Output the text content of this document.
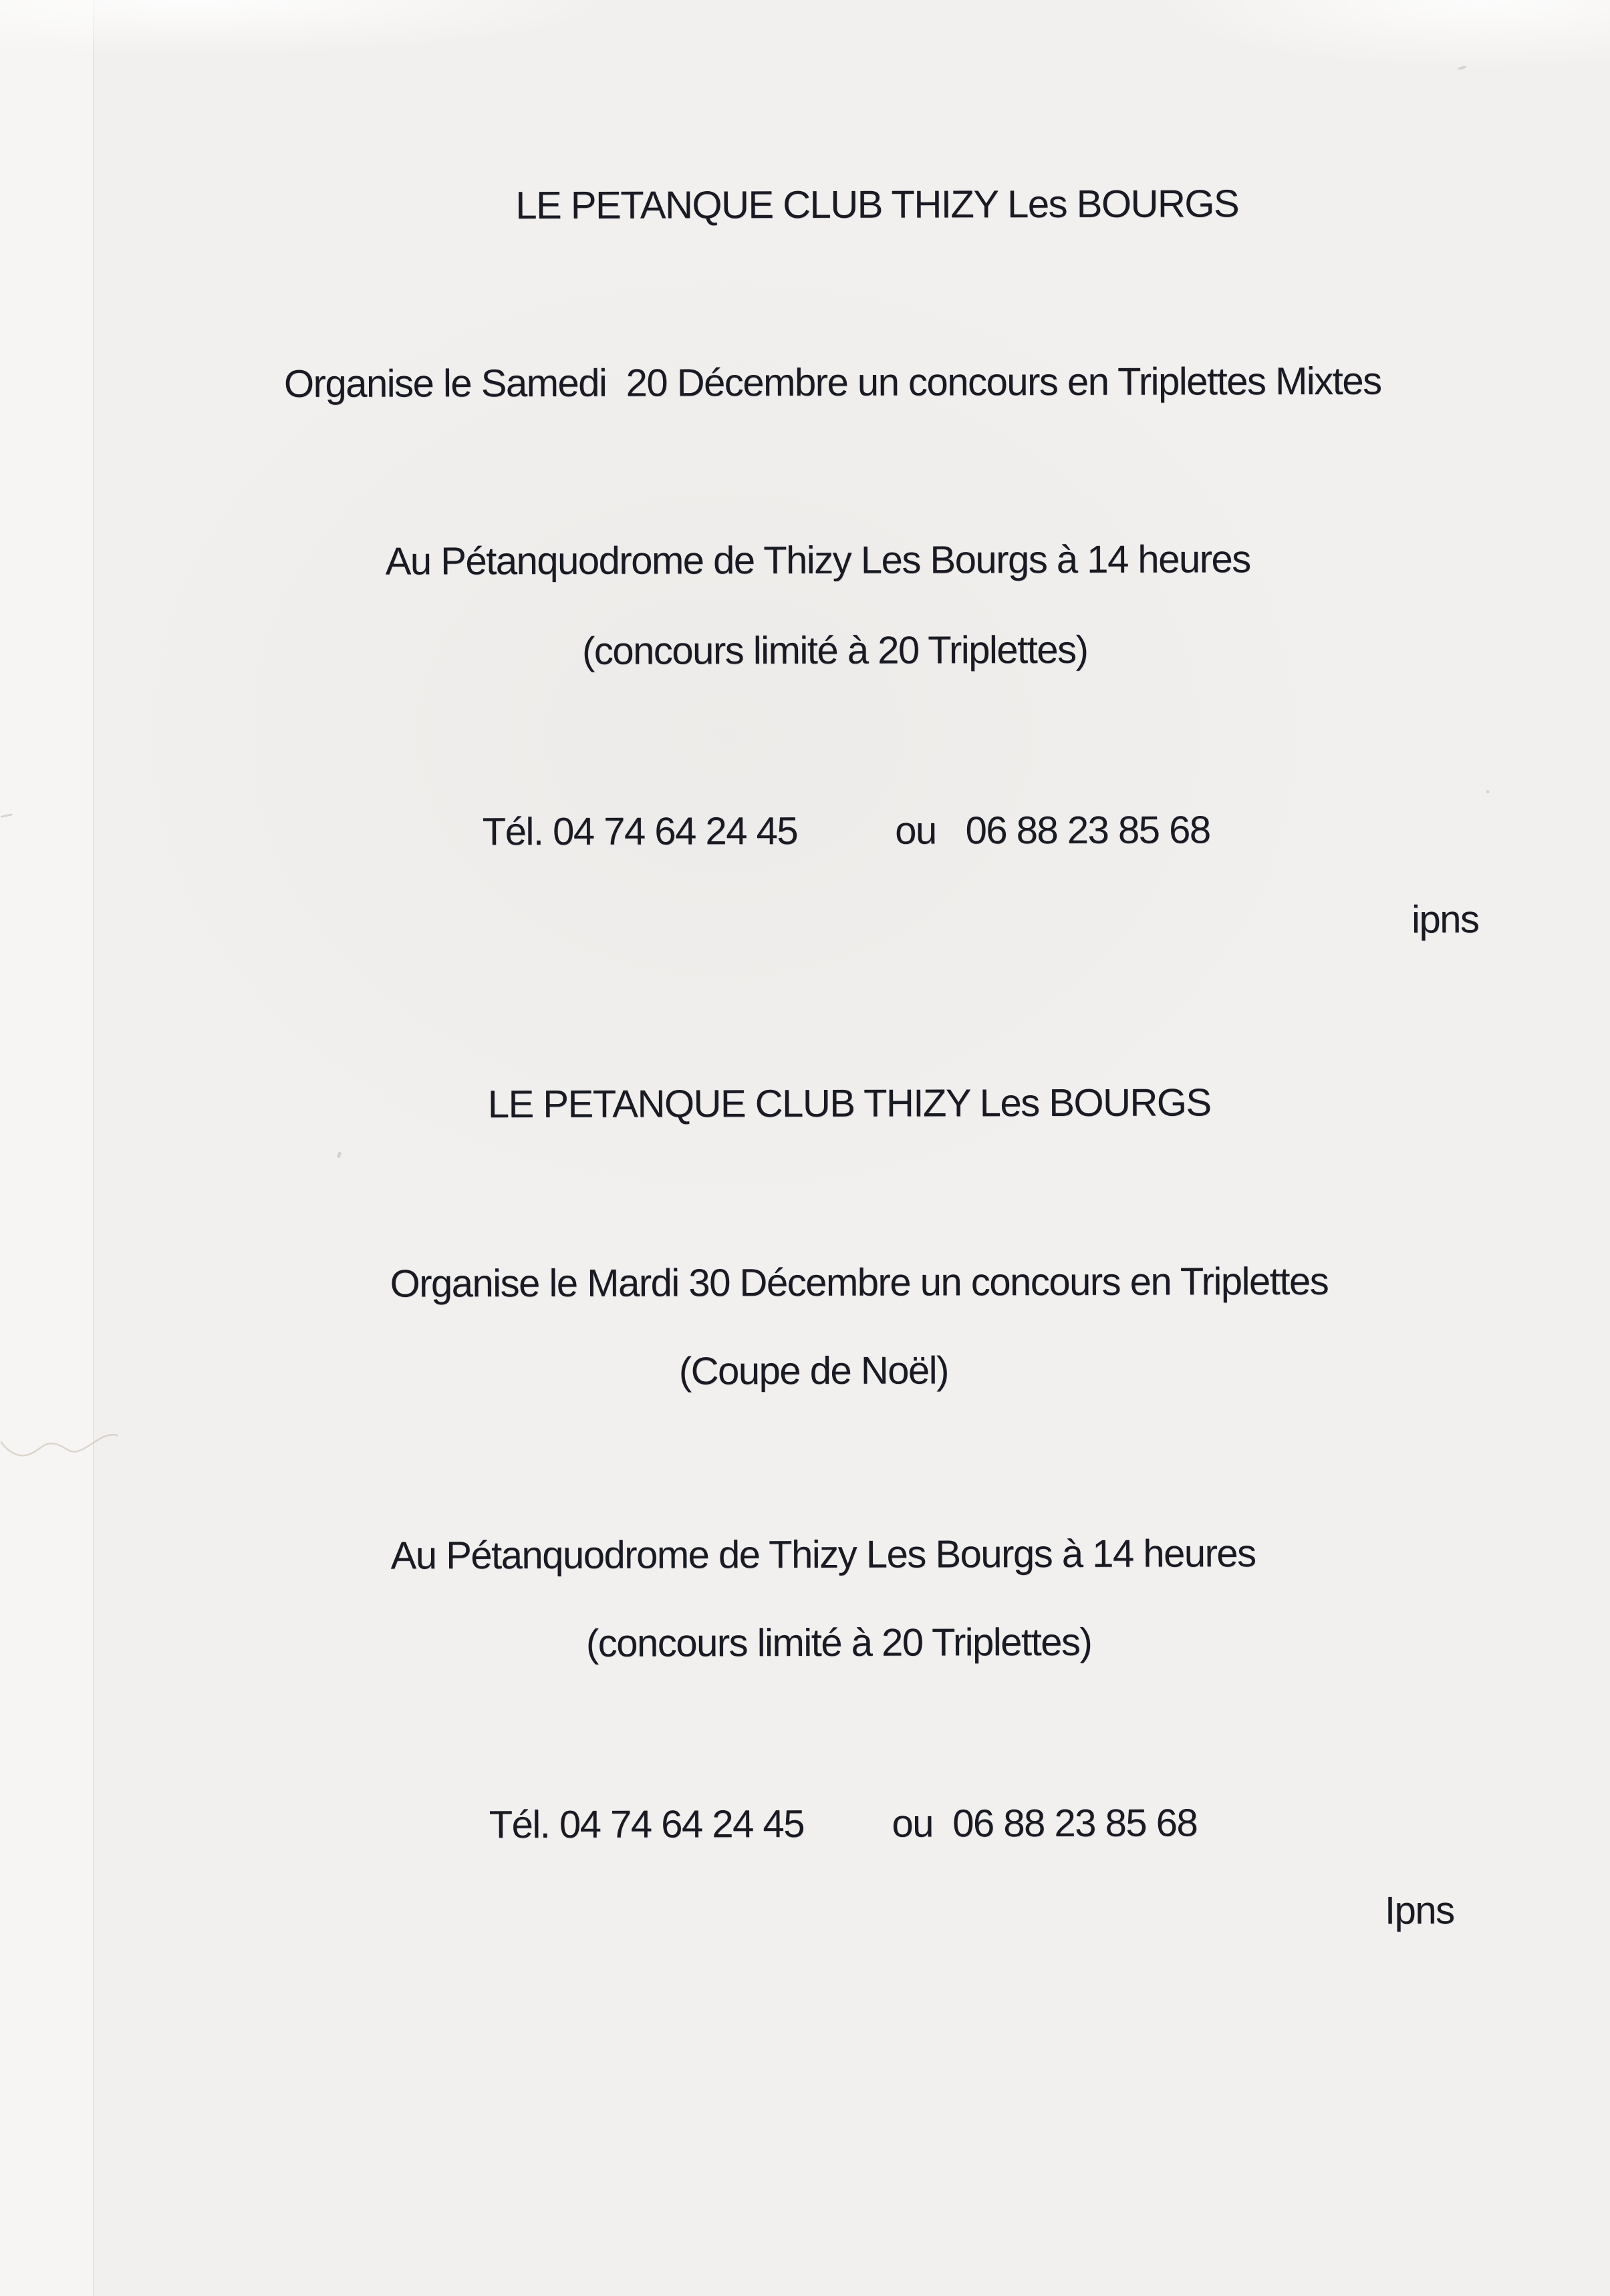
LE PETANQUE CLUB THIZY Les BOURGS
Organise le Samedi  20 Décembre un concours en Triplettes Mixtes
Au Pétanquodrome de Thizy Les Bourgs à 14 heures
(concours limité à 20 Triplettes)
Tél. 04 74 64 24 45          ou   06 88 23 85 68
ipns
LE PETANQUE CLUB THIZY Les BOURGS
Organise le Mardi 30 Décembre un concours en Triplettes
(Coupe de Noël)
Au Pétanquodrome de Thizy Les Bourgs à 14 heures
(concours limité à 20 Triplettes)
Tél. 04 74 64 24 45         ou  06 88 23 85 68
Ipns
